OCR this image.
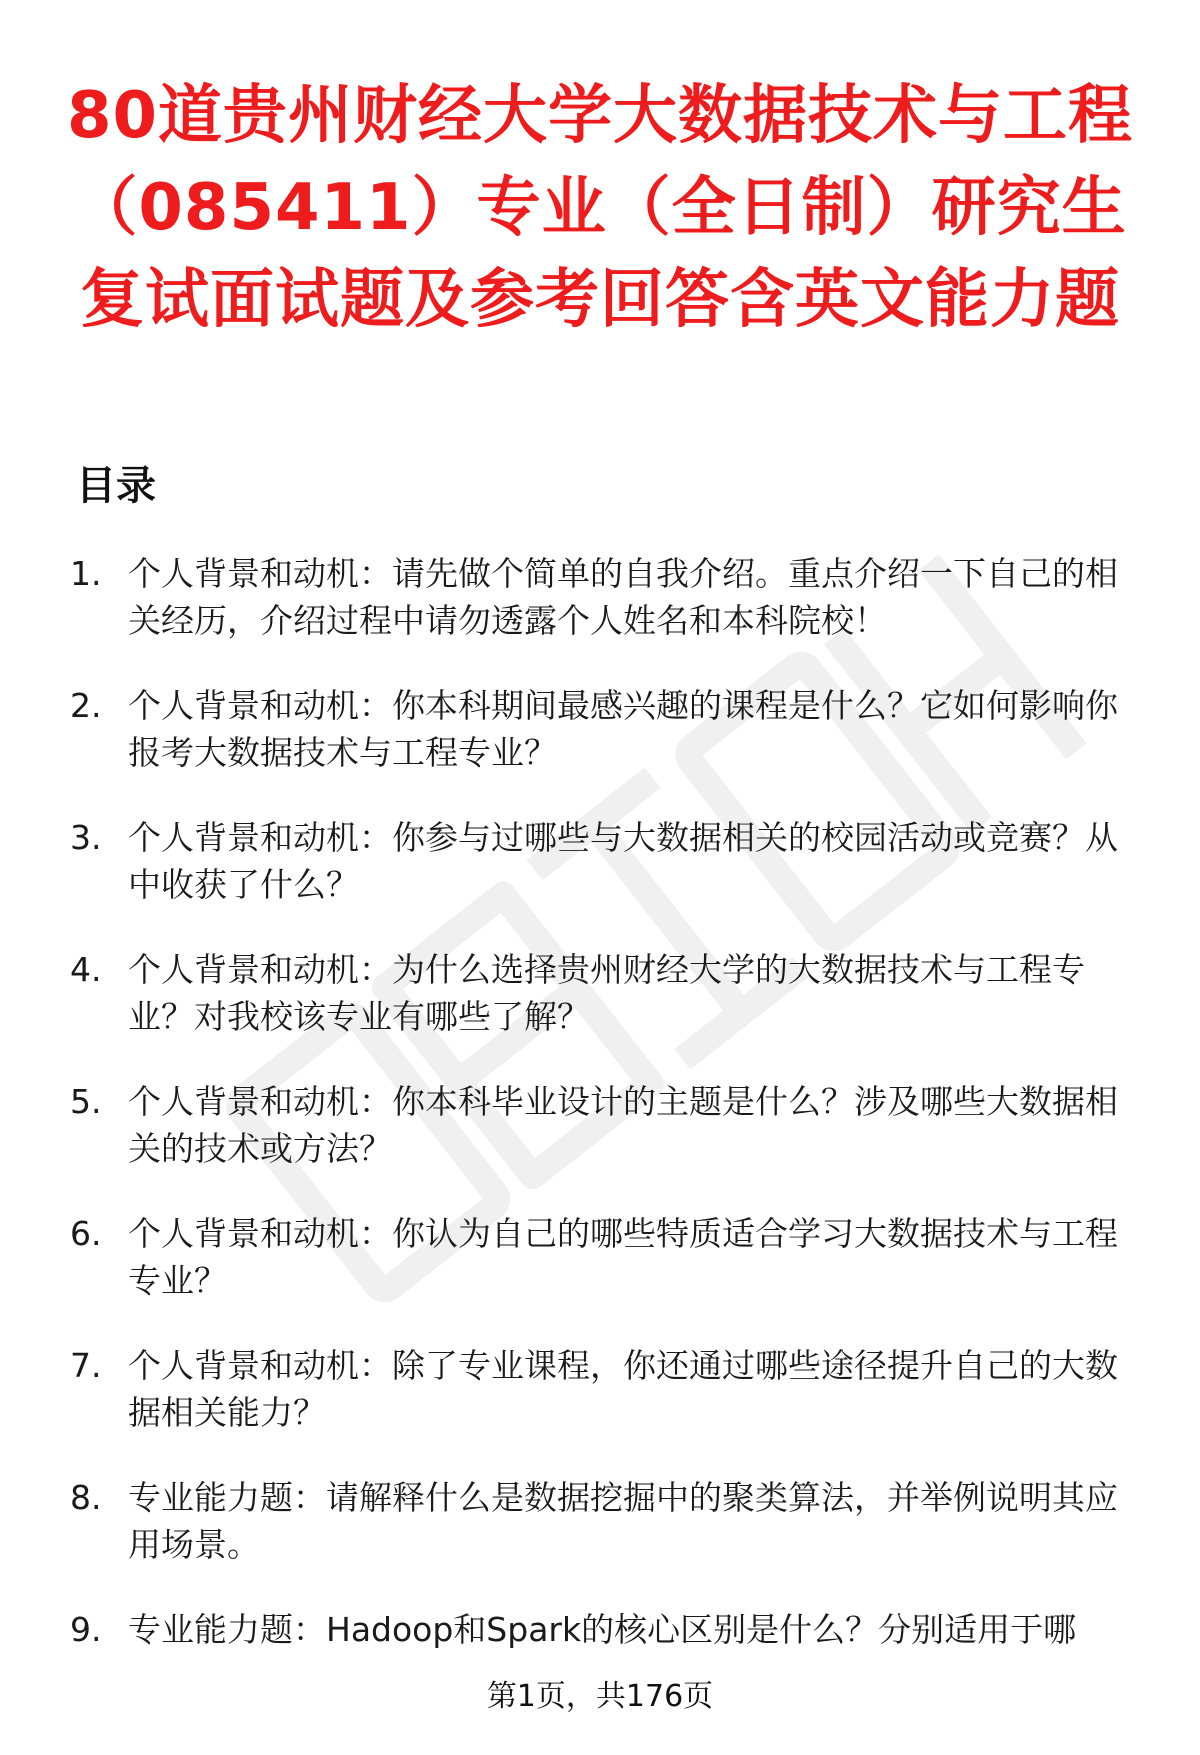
80道贵州财经大学大数据技术与工程（085411）专业（全日制）研究生复试面试题及参考回答含英文能力题
目录
1. 个人背景和动机：请先做个简单的自我介绍。重点介绍一下自己的相关经历，介绍过程中请勿透露个人姓名和本科院校！
2. 个人背景和动机：你本科期间最感兴趣的课程是什么？它如何影响你报考大数据技术与工程专业？
3. 个人背景和动机：你参与过哪些与大数据相关的校园活动或竞赛？从中收获了什么？
4. 个人背景和动机：为什么选择贵州财经大学的大数据技术与工程专业？对我校该专业有哪些了解？
5. 个人背景和动机：你本科毕业设计的主题是什么？涉及哪些大数据相关的技术或方法？
6. 个人背景和动机：你认为自己的哪些特质适合学习大数据技术与工程专业？
7. 个人背景和动机：除了专业课程，你还通过哪些途径提升自己的大数据相关能力？
8. 专业能力题：请解释什么是数据挖掘中的聚类算法，并举例说明其应用场景。
9. 专业能力题：Hadoop和Spark的核心区别是什么？分别适用于哪
第1页，共176页
